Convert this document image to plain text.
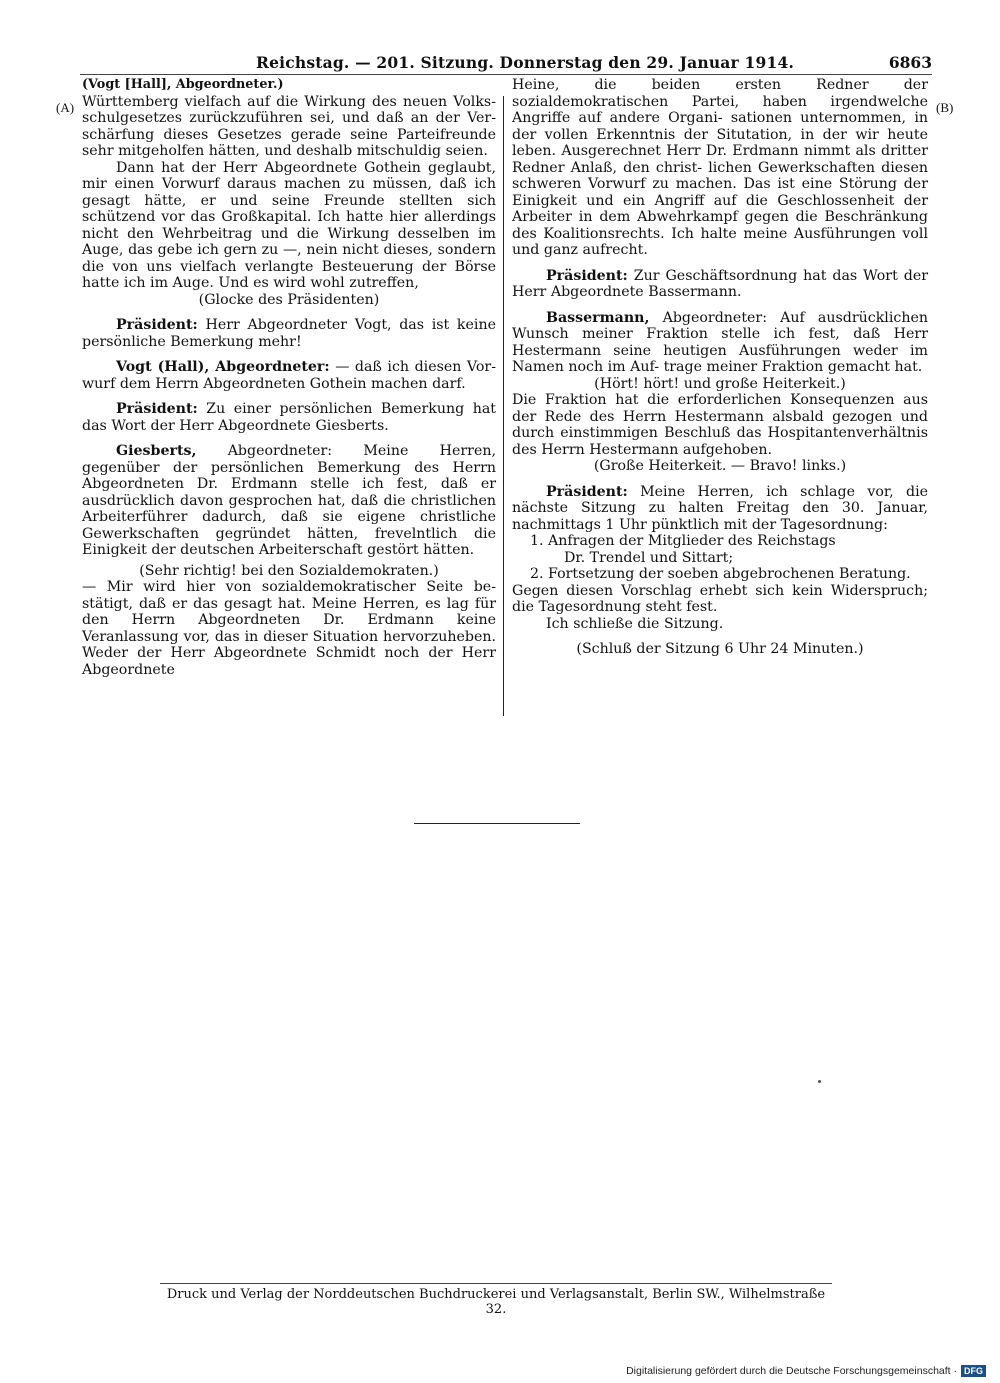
Reichstag. — 201. Sitzung. Donnerstag den 29. Januar 1914.	6863
(A)	(B)

(Vogt [Hall], Abgeordneter.)

Württemberg vielfach auf die Wirkung des neuen Volks- schulgesetzes zurückzuführen sei, und daß an der Ver- schärfung dieses Gesetzes gerade seine Parteifreunde sehr mitgeholfen hätten, und deshalb mitschuldig seien.

Dann hat der Herr Abgeordnete Gothein geglaubt, mir einen Vorwurf daraus machen zu müssen, daß ich gesagt hätte, er und seine Freunde stellten sich schützend vor das Großkapital. Ich hatte hier allerdings nicht den Wehrbeitrag und die Wirkung desselben im Auge, das gebe ich gern zu —, nein nicht dieses, sondern die von uns vielfach verlangte Besteuerung der Börse hatte ich im Auge. Und es wird wohl zutreffen,

(Glocke des Präsidenten)

Präsident: Herr Abgeordneter Vogt, das ist keine persönliche Bemerkung mehr!

Vogt (Hall), Abgeordneter: — daß ich diesen Vor- wurf dem Herrn Abgeordneten Gothein machen darf.

Präsident: Zu einer persönlichen Bemerkung hat das Wort der Herr Abgeordnete Giesberts.

Giesberts, Abgeordneter: Meine Herren, gegenüber der persönlichen Bemerkung des Herrn Abgeordneten Dr. Erdmann stelle ich fest, daß er ausdrücklich davon gesprochen hat, daß die christlichen Arbeiterführer dadurch, daß sie eigene christliche Gewerkschaften gegründet hätten, frevelntlich die Einigkeit der deutschen Arbeiterschaft gestört hätten.

(Sehr richtig! bei den Sozialdemokraten.)

— Mir wird hier von sozialdemokratischer Seite be- stätigt, daß er das gesagt hat. Meine Herren, es lag für den Herrn Abgeordneten Dr. Erdmann keine Veranlassung vor, das in dieser Situation hervorzuheben. Weder der Herr Abgeordnete Schmidt noch der Herr Abgeordnete

Heine, die beiden ersten Redner der sozialdemokratischen Partei, haben irgendwelche Angriffe auf andere Organi- sationen unternommen, in der vollen Erkenntnis der Situtation, in der wir heute leben. Ausgerechnet Herr Dr. Erdmann nimmt als dritter Redner Anlaß, den christ- lichen Gewerkschaften diesen schweren Vorwurf zu machen. Das ist eine Störung der Einigkeit und ein Angriff auf die Geschlossenheit der Arbeiter in dem Abwehrkampf gegen die Beschränkung des Koalitionsrechts. Ich halte meine Ausführungen voll und ganz aufrecht.

Präsident: Zur Geschäftsordnung hat das Wort der Herr Abgeordnete Bassermann.

Bassermann, Abgeordneter: Auf ausdrücklichen Wunsch meiner Fraktion stelle ich fest, daß Herr Hestermann seine heutigen Ausführungen weder im Namen noch im Auf- trage meiner Fraktion gemacht hat.

(Hört! hört! und große Heiterkeit.)

Die Fraktion hat die erforderlichen Konsequenzen aus der Rede des Herrn Hestermann alsbald gezogen und durch einstimmigen Beschluß das Hospitantenverhältnis des Herrn Hestermann aufgehoben.

(Große Heiterkeit. — Bravo! links.)

Präsident: Meine Herren, ich schlage vor, die nächste Sitzung zu halten Freitag den 30. Januar, nachmittags 1 Uhr pünktlich mit der Tagesordnung:

1. Anfragen der Mitglieder des Reichstags

Dr. Trendel und Sittart;

2. Fortsetzung der soeben abgebrochenen Beratung.

Gegen diesen Vorschlag erhebt sich kein Widerspruch; die Tagesordnung steht fest.

Ich schließe die Sitzung.

(Schluß der Sitzung 6 Uhr 24 Minuten.)

Druck und Verlag der Norddeutschen Buchdruckerei und Verlagsanstalt, Berlin SW., Wilhelmstraße 32.
Digitalisierung gefördert durch die Deutsche Forschungsgemeinschaft · DFG
